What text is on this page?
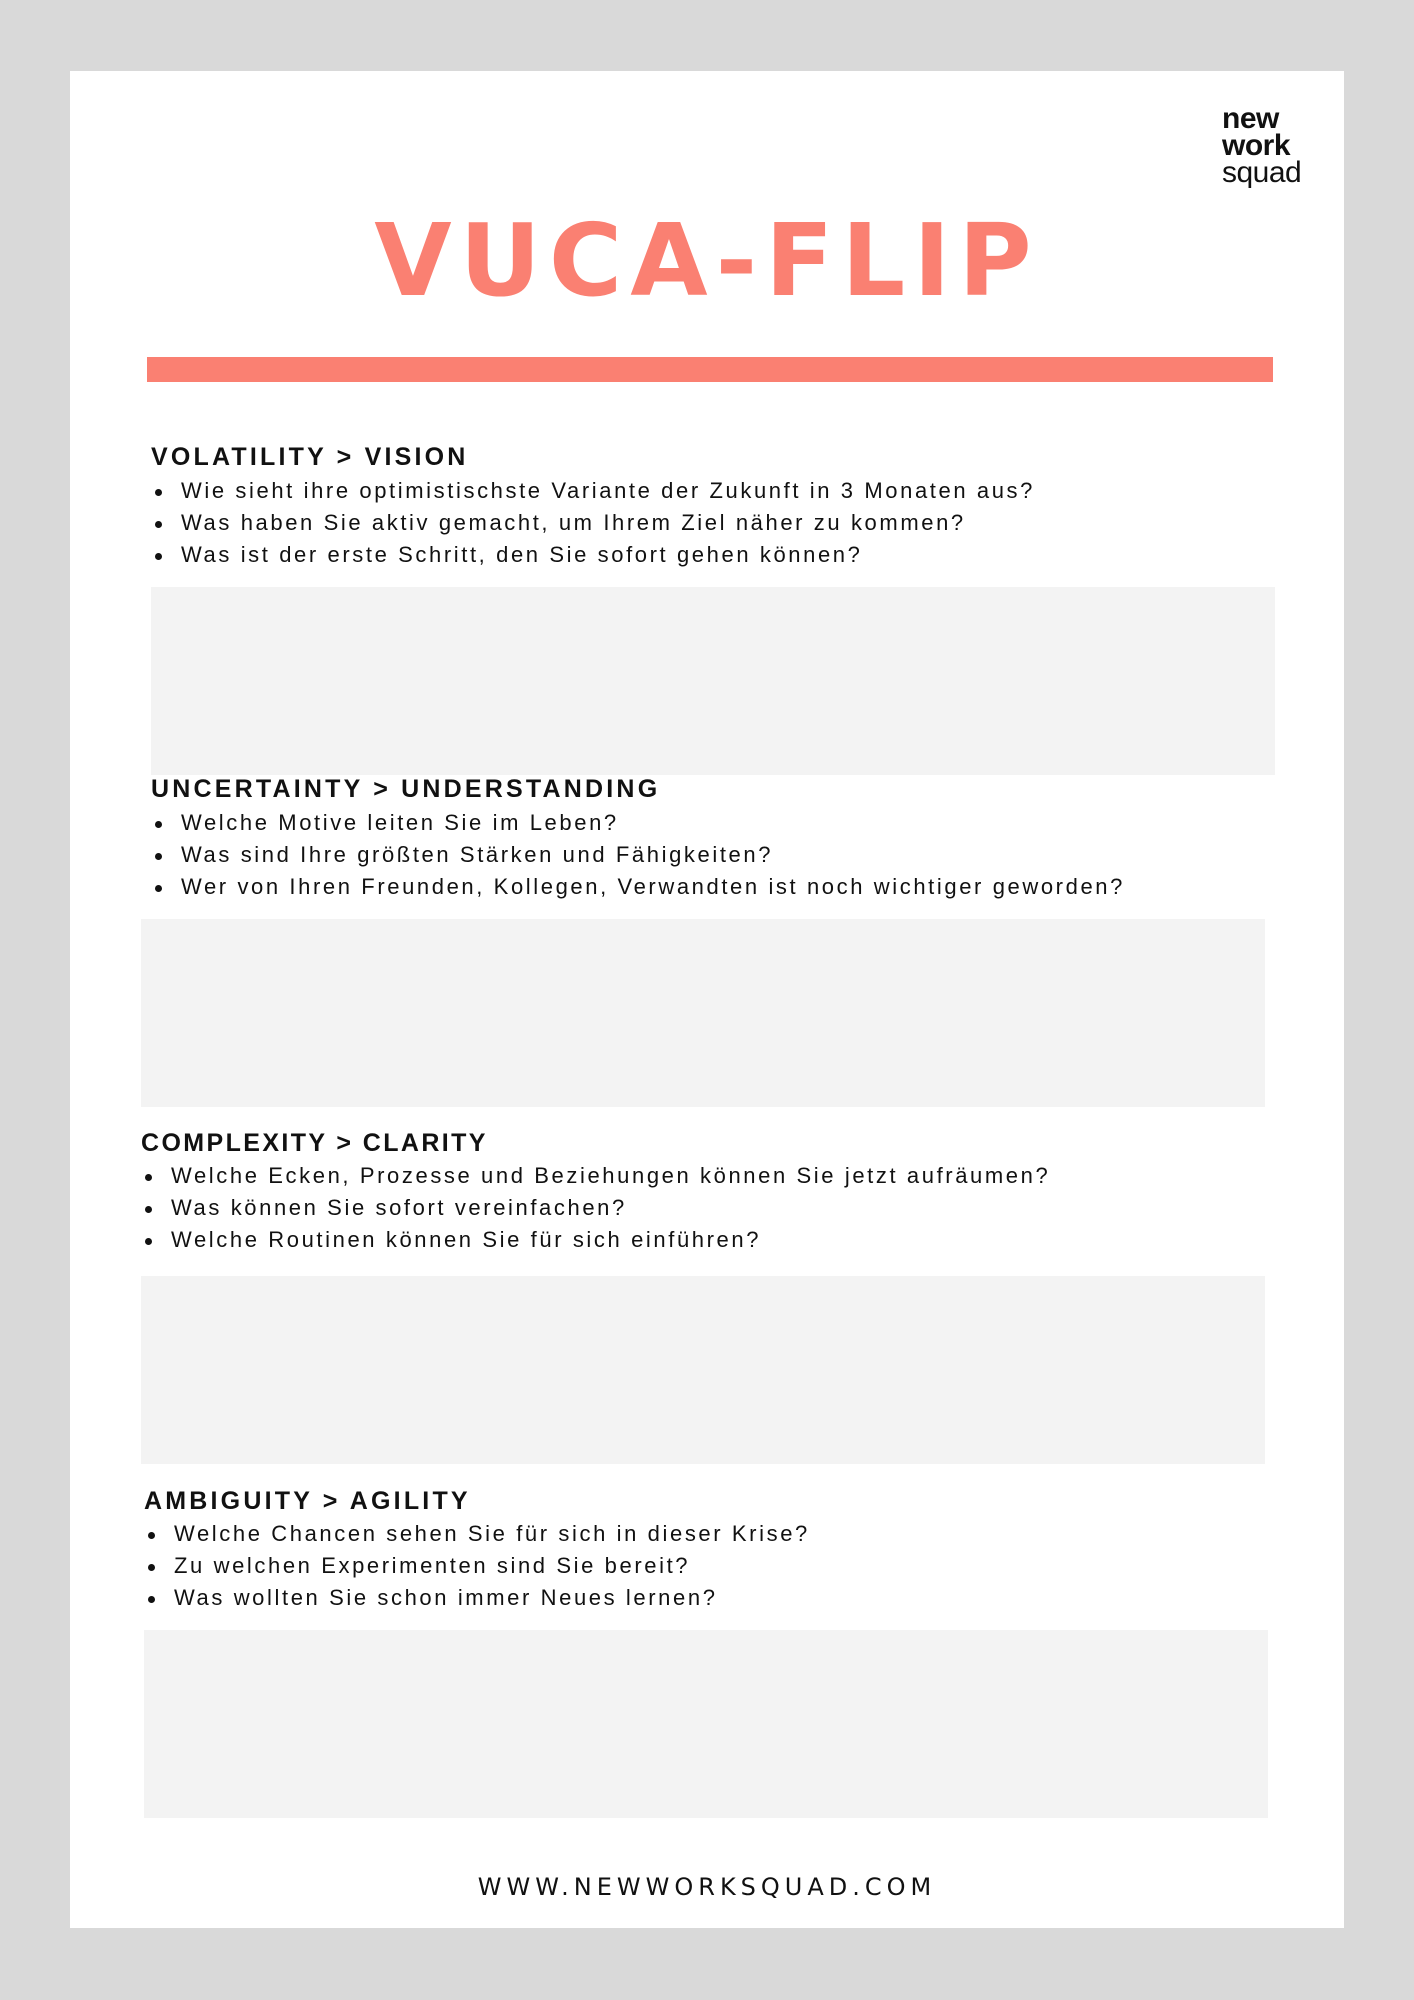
new
work
squad
VUCA-FLIP
VOLATILITY > VISION
Wie sieht ihre optimistischste Variante der Zukunft in 3 Monaten aus?
Was haben Sie aktiv gemacht, um Ihrem Ziel näher zu kommen?
Was ist der erste Schritt, den Sie sofort gehen können?
UNCERTAINTY > UNDERSTANDING
Welche Motive leiten Sie im Leben?
Was sind Ihre größten Stärken und Fähigkeiten?
Wer von Ihren Freunden, Kollegen, Verwandten ist noch wichtiger geworden?
COMPLEXITY > CLARITY
Welche Ecken, Prozesse und Beziehungen können Sie jetzt aufräumen?
Was können Sie sofort vereinfachen?
Welche Routinen können Sie für sich einführen?
AMBIGUITY > AGILITY
Welche Chancen sehen Sie für sich in dieser Krise?
Zu welchen Experimenten sind Sie bereit?
Was wollten Sie schon immer Neues lernen?

WWW.NEWWORKSQUAD.COM
